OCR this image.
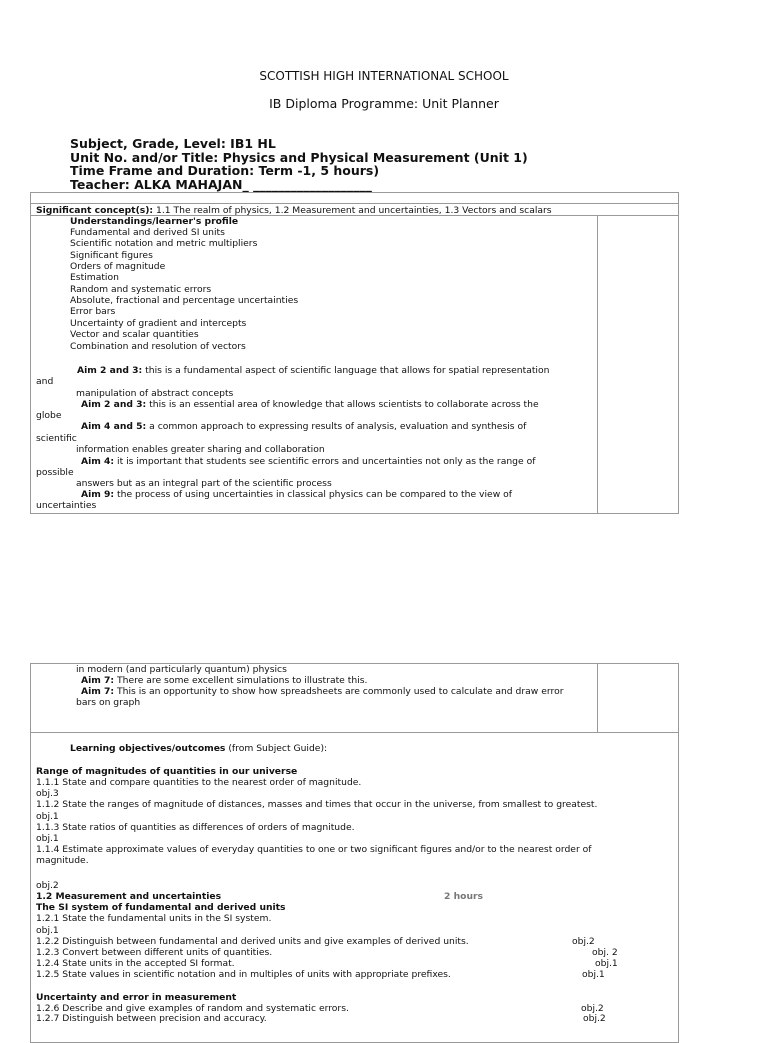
SCOTTISH HIGH INTERNATIONAL SCHOOL
IB Diploma Programme: Unit Planner
Subject, Grade, Level: IB1 HL
Unit No. and/or Title: Physics and Physical Measurement (Unit 1)
Time Frame and Duration: Term -1, 5 hours)
Teacher: ALKA MAHAJAN_ ___________________
Significant concept(s): 1.1 The realm of physics, 1.2 Measurement and uncertainties, 1.3 Vectors and scalars
Understandings/learner's profile
Fundamental and derived SI units
Scientific notation and metric multipliers
Significant figures
Orders of magnitude
Estimation
Random and systematic errors
Absolute, fractional and percentage uncertainties
Error bars
Uncertainty of gradient and intercepts
Vector and scalar quantities
Combination and resolution of vectors
Aim 2 and 3: this is a fundamental aspect of scientific language that allows for spatial representation
and
manipulation of abstract concepts
Aim 2 and 3: this is an essential area of knowledge that allows scientists to collaborate across the
globe
Aim 4 and 5: a common approach to expressing results of analysis, evaluation and synthesis of
scientific
information enables greater sharing and collaboration
Aim 4: it is important that students see scientific errors and uncertainties not only as the range of
possible
answers but as an integral part of the scientific process
Aim 9: the process of using uncertainties in classical physics can be compared to the view of
uncertainties
in modern (and particularly quantum) physics
Aim 7: There are some excellent simulations to illustrate this.
Aim 7: This is an opportunity to show how spreadsheets are commonly used to calculate and draw error
bars on graph
Learning objectives/outcomes (from Subject Guide):
Range of magnitudes of quantities in our universe
1.1.1 State and compare quantities to the nearest order of magnitude.
obj.3
1.1.2 State the ranges of magnitude of distances, masses and times that occur in the universe, from smallest to greatest.
obj.1
1.1.3 State ratios of quantities as differences of orders of magnitude.
obj.1
1.1.4 Estimate approximate values of everyday quantities to one or two significant figures and/or to the nearest order of
magnitude.
obj.2
1.2 Measurement and uncertainties	2 hours
The SI system of fundamental and derived units
1.2.1 State the fundamental units in the SI system.
obj.1
1.2.2 Distinguish between fundamental and derived units and give examples of derived units.	obj.2
1.2.3 Convert between different units of quantities.	obj. 2
1.2.4 State units in the accepted SI format.	obj.1
1.2.5 State values in scientific notation and in multiples of units with appropriate prefixes.	obj.1
Uncertainty and error in measurement
1.2.6 Describe and give examples of random and systematic errors.	obj.2
1.2.7 Distinguish between precision and accuracy.	obj.2
